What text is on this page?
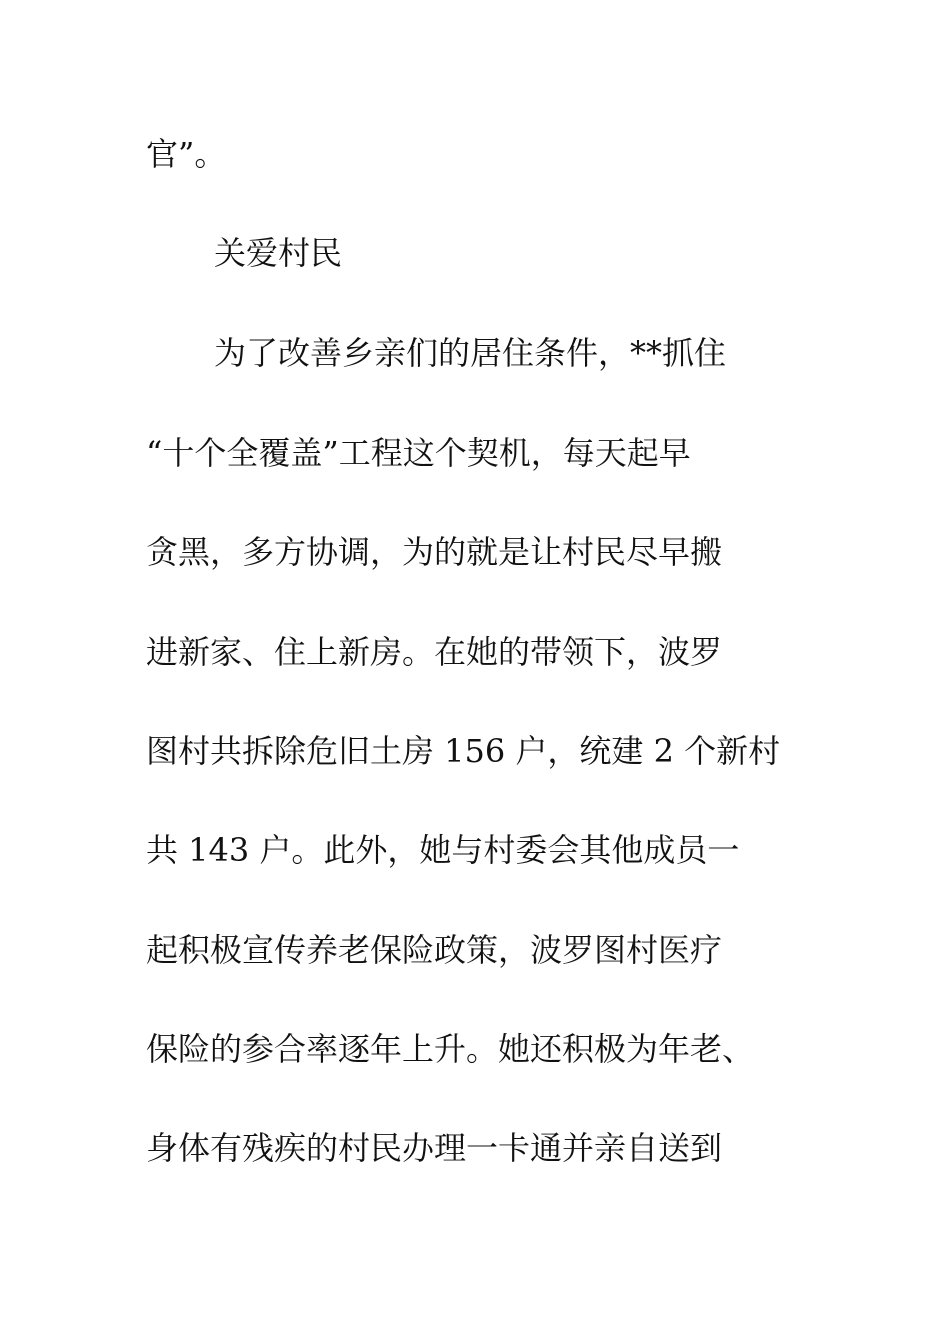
官”。
关爱村民
为了改善乡亲们的居住条件，**抓住
“十个全覆盖”工程这个契机，每天起早
贪黑，多方协调，为的就是让村民尽早搬
进新家、住上新房。在她的带领下，波罗
图村共拆除危旧土房 156 户，统建 2 个新村
共 143 户。此外，她与村委会其他成员一
起积极宣传养老保险政策，波罗图村医疗
保险的参合率逐年上升。她还积极为年老、
身体有残疾的村民办理一卡通并亲自送到
